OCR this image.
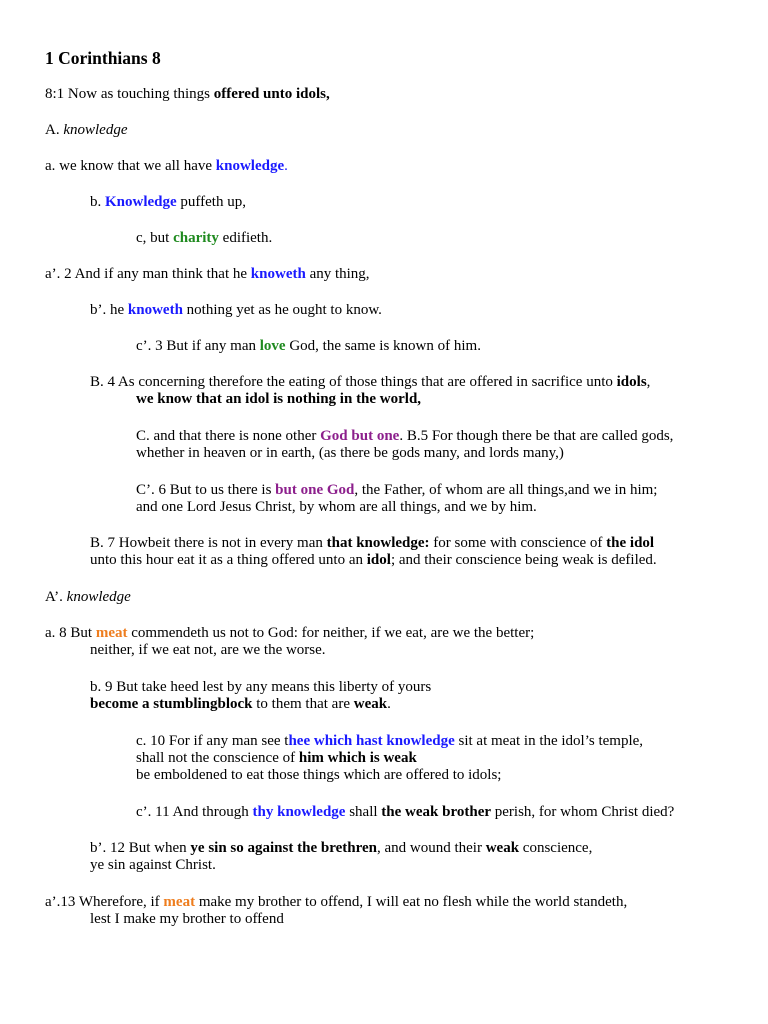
1 Corinthians 8
8:1 Now as touching things offered unto idols,
A. knowledge
a. we know that we all have knowledge.
b. Knowledge puffeth up,
c, but charity edifieth.
a’. 2 And if any man think that he knoweth any thing,
b’. he knoweth nothing yet as he ought to know.
c’. 3 But if any man love God, the same is known of him.
B. 4 As concerning therefore the eating of those things that are offered in sacrifice unto idols,
we know that an idol is nothing in the world,
C. and that there is none other God but one. B.5 For though there be that are called gods,
whether in heaven or in earth, (as there be gods many, and lords many,)
C’. 6 But to us there is but one God, the Father, of whom are all things,and we in him;
and one Lord Jesus Christ, by whom are all things, and we by him.
B. 7 Howbeit there is not in every man that knowledge: for some with conscience of the idol
unto this hour eat it as a thing offered unto an idol; and their conscience being weak is defiled.
A’. knowledge
a. 8 But meat commendeth us not to God: for neither, if we eat, are we the better;
neither, if we eat not, are we the worse.
b. 9 But take heed lest by any means this liberty of yours
become a stumblingblock to them that are weak.
c. 10 For if any man see thee which hast knowledge sit at meat in the idol’s temple,
shall not the conscience of him which is weak
be emboldened to eat those things which are offered to idols;
c’. 11 And through thy knowledge shall the weak brother perish, for whom Christ died?
b’. 12 But when ye sin so against the brethren, and wound their weak conscience,
ye sin against Christ.
a’.13 Wherefore, if meat make my brother to offend, I will eat no flesh while the world standeth,
lest I make my brother to offend
